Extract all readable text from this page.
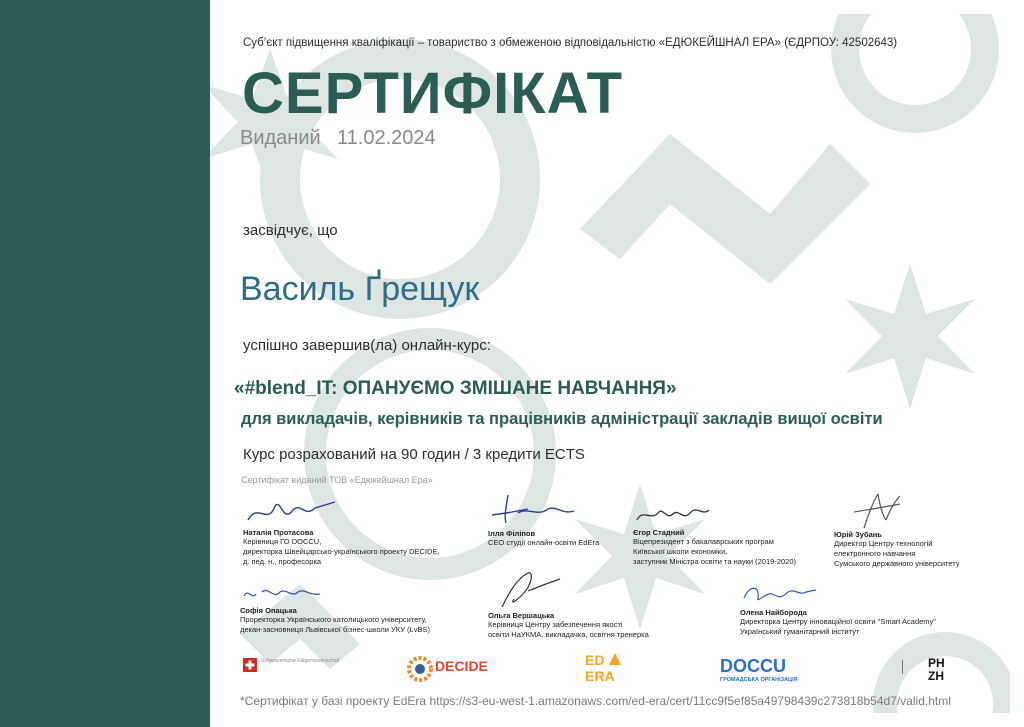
Суб’єкт підвищення кваліфікації – товариство з обмеженою відповідальністю «ЕДЮКЕЙШНАЛ ЕРА» (ЄДРПОУ: 42502643)
СЕРТИФІКАТ
Виданий 11.02.2024
засвідчує, що
Василь Ґрещук
успішно завершив(ла) онлайн-курс:
«#blend_IT: ОПАНУЄМО ЗМІШАНЕ НАВЧАННЯ»
для викладачів, керівників та працівників адміністрації закладів вищої освіти
Курс розрахований на 90 годин / 3 кредити ECTS
Сертифікат виданий ТОВ «Едюкейшнал Ера»
Наталія Протасова
Керівниця ГО DOCCU,
директорка Швейцарсько-українського проекту DECIDE,
д. пед. н., професорка
Ілля Філіпов
CEO студії онлайн-освіти EdEra
Єгор Стадний
Віцепрезидент з бакалаврських програм
Київської школи економіки,
заступник Міністра освіти та науки (2019-2020)
Юрій Зубань
Директор Центру технологій
електронного навчання
Сумського державного університету
Софія Опацька
Проректорка Українського католицького університету,
декан-засновниця Львівської бізнес-школи УКУ (LvBS)
Ольга Вершацька
Керівниця Центру забезпечення якості
освіти НаУКМА, викладачка, освітня тренерка
Олена Найборода
Директорка Центру інноваційної освіти "Smart Academy"
Український гуманітарний інститут
Schweizerische Eidgenossenschaft	DECIDE	ED
ERA	DOCCU
ГРОМАДСЬКА ОРГАНІЗАЦІЯ
PH
ZH
*Сертифікат у базі проекту EdEra https://s3-eu-west-1.amazonaws.com/ed-era/cert/11cc9f5ef85a49798439c273818b54d7/valid.html
